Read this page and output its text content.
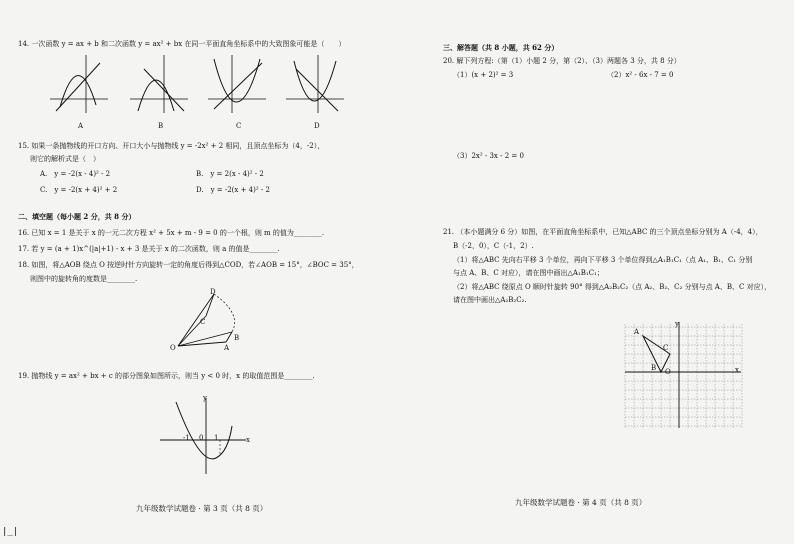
14. 一次函数 y = ax + b 和二次函数 y = ax² + bx 在同一平面直角坐标系中的大致图象可能是（　　）
A	B	C	D
15. 如果一条抛物线的开口方向、开口大小与抛物线 y = -2x² + 2 相同，且顶点坐标为（4，-2），
则它的解析式是（　）
A.　y = -2(x - 4)² - 2	B.　y = 2(x - 4)² - 2
C.　y = -2(x + 4)² + 2	D.　y = -2(x + 4)² - 2
二、填空题（每小题 2 分，共 8 分）
16. 已知 x = 1 是关于 x 的一元二次方程 x² + 5x + m - 9 = 0 的一个根，则 m 的值为________.
17. 若 y = (a + 1)x^(|a|+1) - x + 3 是关于 x 的二次函数，则 a 的值是________.
18. 如图，将△AOB 绕点 O 按逆时针方向旋转一定的角度后得到△COD，若∠AOB = 15°，∠BOC = 35°，
则图中的旋转角的度数是________.
D
C
O	A
B
19. 抛物线 y = ax² + bx + c 的部分图象如图所示，则当 y < 0 时，x 的取值范围是________.
y
x
-1 0 1
九年级数学试题卷 · 第 3 页（共 8 页）
|_|
三、解答题（共 8 小题，共 62 分）
20. 解下列方程:（第（1）小题 2 分，第（2）、（3）两题各 3 分，共 8 分）
（1）(x + 2)² = 3	（2）x² - 6x - 7 = 0
（3）2x² - 3x - 2 = 0
21. （本小题满分 6 分）如图，在平面直角坐标系中，已知△ABC 的三个顶点坐标分别为 A（-4，4），
B（-2，0），C（-1，2）.
（1）将△ABC 先向右平移 3 个单位，再向下平移 3 个单位得到△A₁B₁C₁（点 A₁、B₁、C₁ 分别
与点 A、B、C 对应），请在图中画出△A₁B₁C₁；
（2）将△ABC 绕原点 O 顺时针旋转 90° 得到△A₂B₂C₂（点 A₂、B₂、C₂ 分别与点 A、B、C 对应），
请在图中画出△A₂B₂C₂.
y
x
O
A
B
C
九年级数学试题卷 · 第 4 页（共 8 页）
